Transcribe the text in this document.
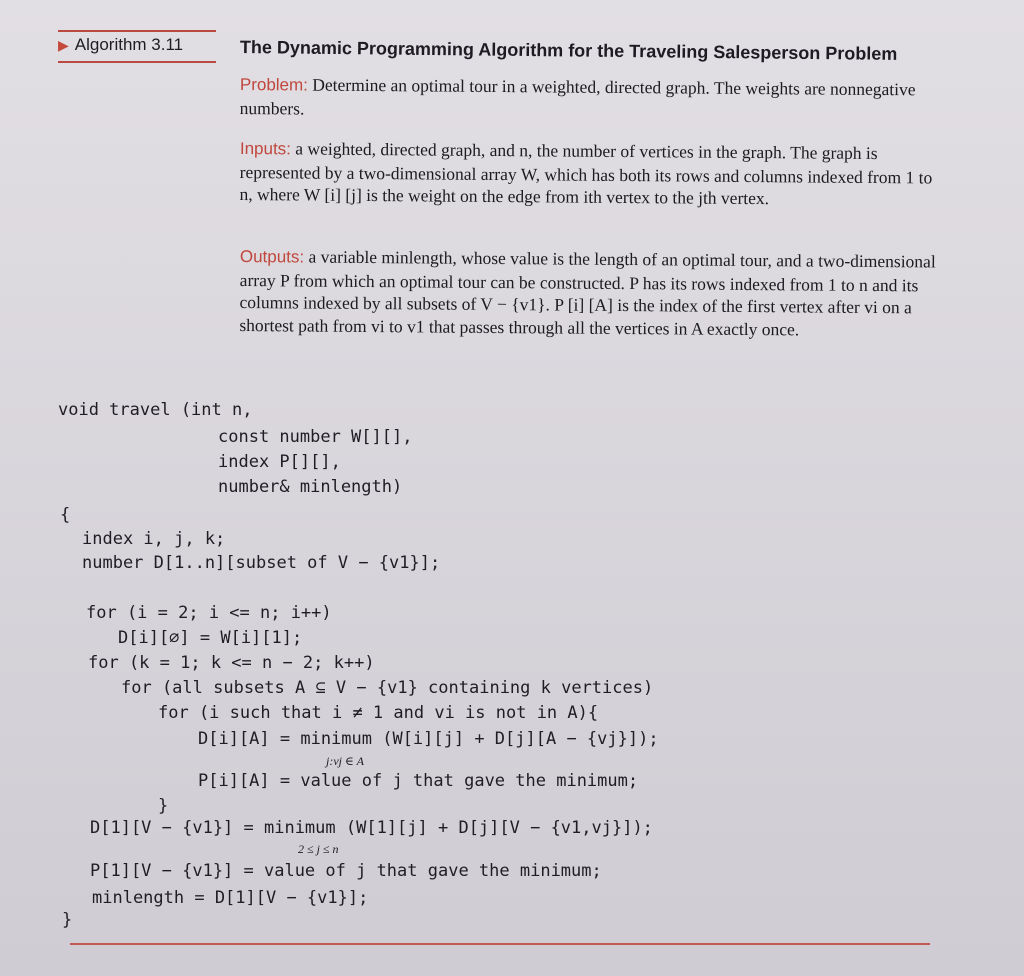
▶ Algorithm 3.11	The Dynamic Programming Algorithm for the Traveling Salesperson Problem
Problem: Determine an optimal tour in a weighted, directed graph. The weights are nonnegative numbers.
Inputs: a weighted, directed graph, and n, the number of vertices in the graph. The graph is represented by a two-dimensional array W, which has both its rows and columns indexed from 1 to n, where W [i] [j] is the weight on the edge from ith vertex to the jth vertex.
Outputs: a variable minlength, whose value is the length of an optimal tour, and a two-dimensional array P from which an optimal tour can be constructed. P has its rows indexed from 1 to n and its columns indexed by all subsets of V − {v1}. P [i] [A] is the index of the first vertex after vi on a shortest path from vi to v1 that passes through all the vertices in A exactly once.
void travel (int n,
const number W[][],
index P[][],
number& minlength)
{
index i, j, k;
number D[1..n][subset of V − {v1}];
for (i = 2; i <= n; i++)
D[i][∅] = W[i][1];
for (k = 1; k <= n − 2; k++)
for (all subsets A ⊆ V − {v1} containing k vertices)
for (i such that i ≠ 1 and vi is not in A){
D[i][A] = minimum (W[i][j] + D[j][A − {vj}]);
j:vj ∈ A
P[i][A] = value of j that gave the minimum;
}
D[1][V − {v1}] = minimum (W[1][j] + D[j][V − {v1,vj}]);
2 ≤ j ≤ n
P[1][V − {v1}] = value of j that gave the minimum;
minlength = D[1][V − {v1}];
}
